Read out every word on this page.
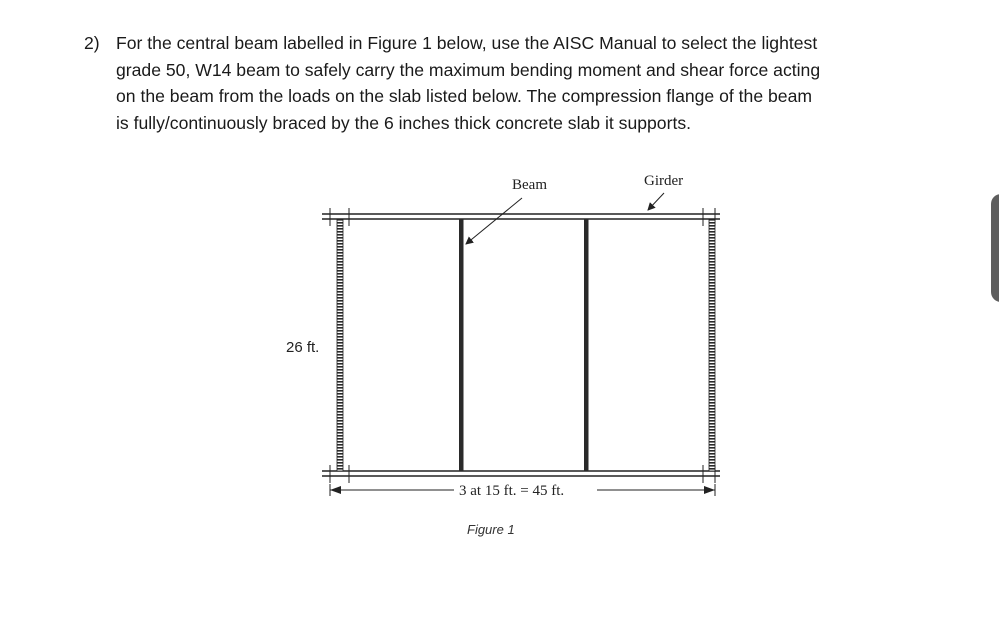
2) For the central beam labelled in Figure 1 below, use the AISC Manual to select the lightest
grade 50, W14 beam to safely carry the maximum bending moment and shear force acting
on the beam from the loads on the slab listed below. The compression flange of the beam
is fully/continuously braced by the 6 inches thick concrete slab it supports.
Beam	Girder
26 ft.
3 at 15 ft. = 45 ft.
Figure 1
